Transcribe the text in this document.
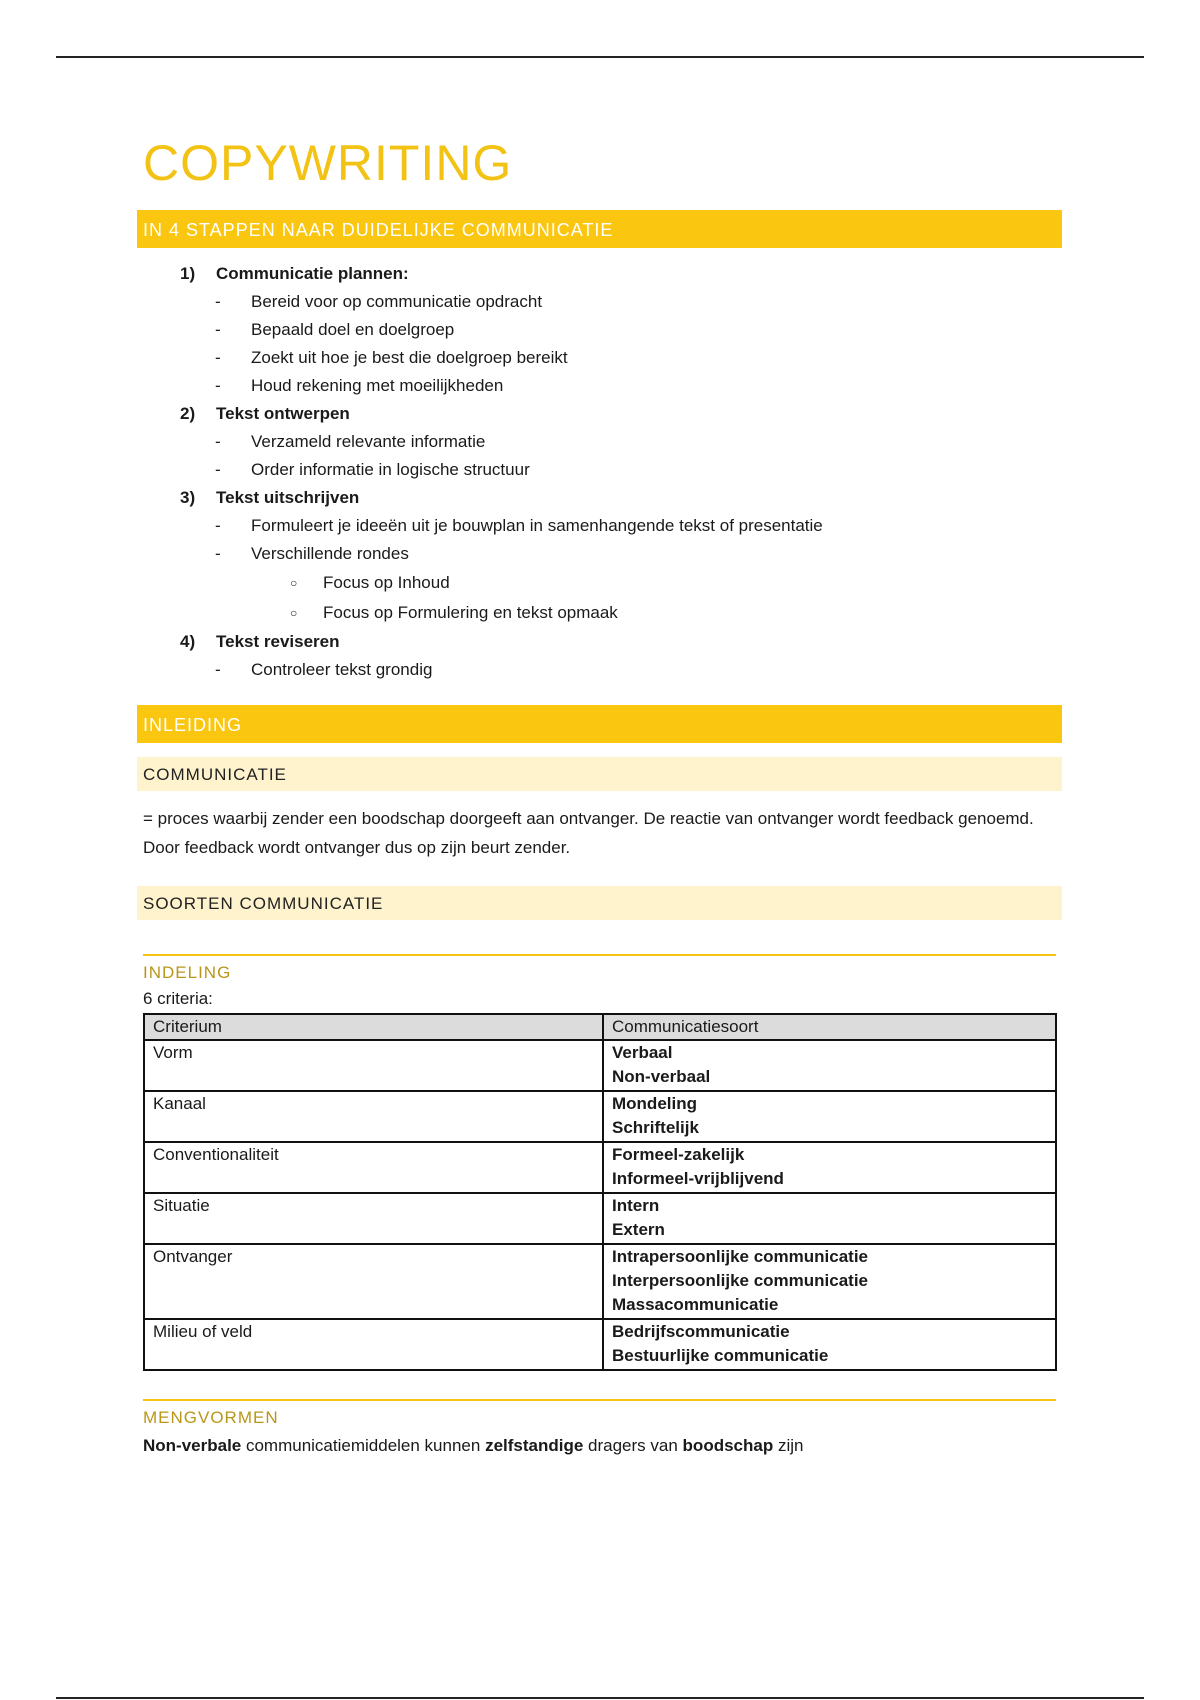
COPYWRITING
IN 4 STAPPEN NAAR DUIDELIJKE COMMUNICATIE
1) Communicatie plannen:
- Bereid voor op communicatie opdracht
- Bepaald doel en doelgroep
- Zoekt uit hoe je best die doelgroep bereikt
- Houd rekening met moeilijkheden
2) Tekst ontwerpen
- Verzameld relevante informatie
- Order informatie in logische structuur
3) Tekst uitschrijven
- Formuleert je ideeën uit je bouwplan in samenhangende tekst of presentatie
- Verschillende rondes
○ Focus op Inhoud
○ Focus op Formulering en tekst opmaak
4) Tekst reviseren
- Controleer tekst grondig
INLEIDING
COMMUNICATIE

= proces waarbij zender een boodschap doorgeeft aan ontvanger. De reactie van ontvanger wordt feedback genoemd. Door feedback wordt ontvanger dus op zijn beurt zender.

SOORTEN COMMUNICATIE
INDELING
6 criteria:
Criterium	Communicatiesoort
Vorm	Verbaal
Non-verbaal

Kanaal	Mondeling
Schriftelijk

Conventionaliteit	Formeel-zakelijk
Informeel-vrijblijvend

Situatie	Intern
Extern

Ontvanger	Intrapersoonlijke communicatie
Interpersoonlijke communicatie
Massacommunicatie

Milieu of veld	Bedrijfscommunicatie
Bestuurlijke communicatie
MENGVORMEN
Non-verbale communicatiemiddelen kunnen zelfstandige dragers van boodschap zijn
